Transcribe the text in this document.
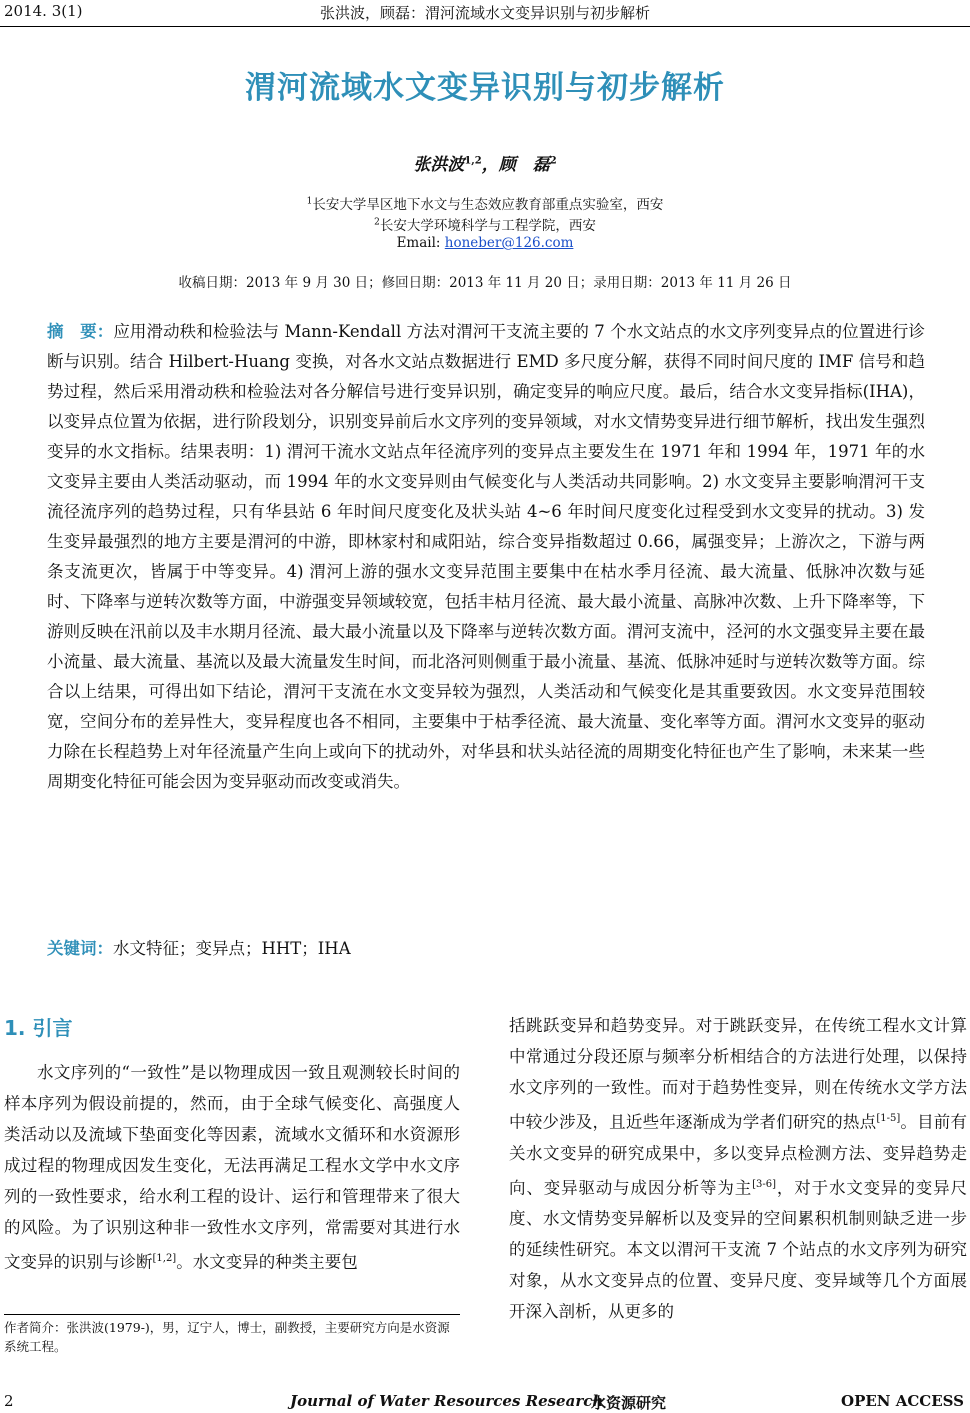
2014. 3(1)	张洪波，顾磊：渭河流域水文变异识别与初步解析
渭河流域水文变异识别与初步解析
张洪波$^{1,2}$，顾　磊$^2$
$^1$长安大学旱区地下水文与生态效应教育部重点实验室，西安
$^2$长安大学环境科学与工程学院，西安
Email: honeber@126.com
收稿日期：2013 年 9 月 30 日；修回日期：2013 年 11 月 20 日；录用日期：2013 年 11 月 26 日
摘　要：应用滑动秩和检验法与 Mann-Kendall 方法对渭河干支流主要的 7 个水文站点的水文序列变异点的位置进行诊断与识别。结合 Hilbert-Huang 变换，对各水文站点数据进行 EMD 多尺度分解，获得不同时间尺度的 IMF 信号和趋势过程，然后采用滑动秩和检验法对各分解信号进行变异识别，确定变异的响应尺度。最后，结合水文变异指标(IHA)，以变异点位置为依据，进行阶段划分，识别变异前后水文序列的变异领域，对水文情势变异进行细节解析，找出发生强烈变异的水文指标。结果表明：1) 渭河干流水文站点年径流序列的变异点主要发生在 1971 年和 1994 年，1971 年的水文变异主要由人类活动驱动，而 1994 年的水文变异则由气候变化与人类活动共同影响。2) 水文变异主要影响渭河干支流径流序列的趋势过程，只有华县站 6 年时间尺度变化及状头站 4~6 年时间尺度变化过程受到水文变异的扰动。3) 发生变异最强烈的地方主要是渭河的中游，即林家村和咸阳站，综合变异指数超过 0.66，属强变异；上游次之，下游与两条支流更次，皆属于中等变异。4) 渭河上游的强水文变异范围主要集中在枯水季月径流、最大流量、低脉冲次数与延时、下降率与逆转次数等方面，中游强变异领域较宽，包括丰枯月径流、最大最小流量、高脉冲次数、上升下降率等，下游则反映在汛前以及丰水期月径流、最大最小流量以及下降率与逆转次数方面。渭河支流中，泾河的水文强变异主要在最小流量、最大流量、基流以及最大流量发生时间，而北洛河则侧重于最小流量、基流、低脉冲延时与逆转次数等方面。综合以上结果，可得出如下结论，渭河干支流在水文变异较为强烈，人类活动和气候变化是其重要致因。水文变异范围较宽，空间分布的差异性大，变异程度也各不相同，主要集中于枯季径流、最大流量、变化率等方面。渭河水文变异的驱动力除在长程趋势上对年径流量产生向上或向下的扰动外，对华县和状头站径流的周期变化特征也产生了影响，未来某一些周期变化特征可能会因为变异驱动而改变或消失。
关键词：水文特征；变异点；HHT；IHA
1. 引言
水文序列的“一致性”是以物理成因一致且观测较长时间的样本序列为假设前提的，然而，由于全球气候变化、高强度人类活动以及流域下垫面变化等因素，流域水文循环和水资源形成过程的物理成因发生变化，无法再满足工程水文学中水文序列的一致性要求，给水利工程的设计、运行和管理带来了很大的风险。为了识别这种非一致性水文序列，常需要对其进行水文变异的识别与诊断[1,2]。水文变异的种类主要包
括跳跃变异和趋势变异。对于跳跃变异，在传统工程水文计算中常通过分段还原与频率分析相结合的方法进行处理，以保持水文序列的一致性。而对于趋势性变异，则在传统水文学方法中较少涉及，且近些年逐渐成为学者们研究的热点[1-5]。目前有关水文变异的研究成果中，多以变异点检测方法、变异趋势走向、变异驱动与成因分析等为主[3-6]，对于水文变异的变异尺度、水文情势变异解析以及变异的空间累积机制则缺乏进一步的延续性研究。本文以渭河干支流 7 个站点的水文序列为研究对象，从水文变异点的位置、变异尺度、变异域等几个方面展开深入剖析，从更多的
作者简介：张洪波(1979-)，男，辽宁人，博士，副教授，主要研究方向是水资源系统工程。
2	Journal of Water Resources Research
水资源研究	OPEN ACCESS
